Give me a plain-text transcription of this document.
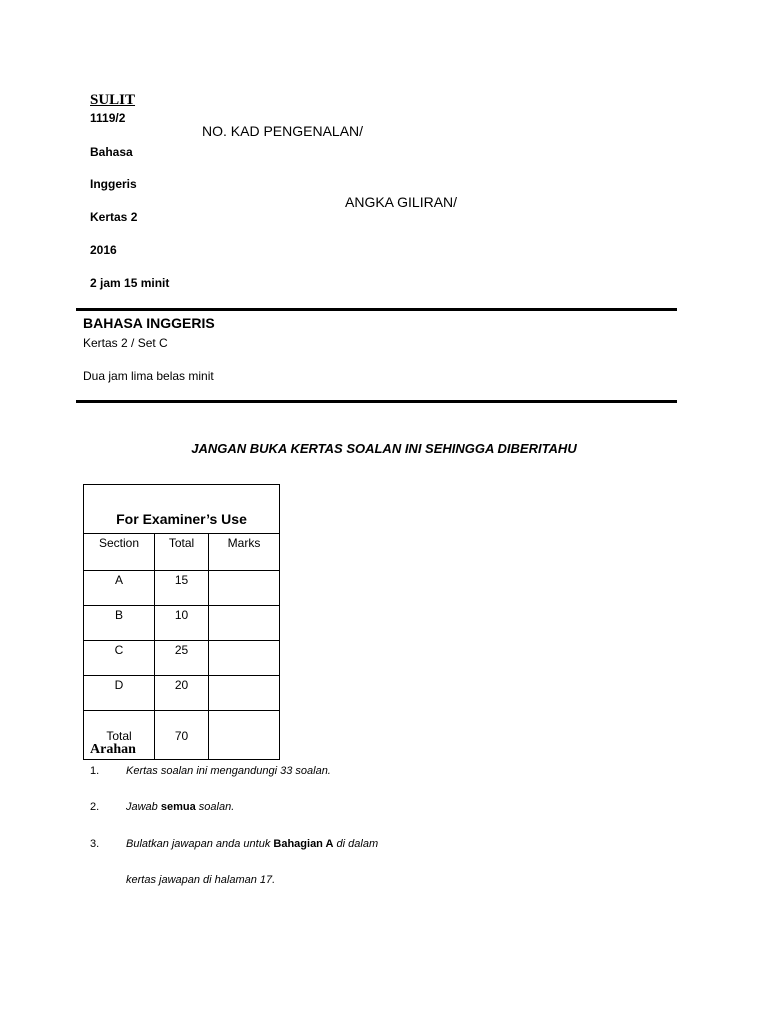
SULIT
1119/2
Bahasa
Inggeris
Kertas 2
2016
2 jam 15 minit
NO. KAD PENGENALAN/
ANGKA GILIRAN/
BAHASA INGGERIS
Kertas 2 / Set C
Dua jam lima belas minit
JANGAN BUKA KERTAS SOALAN INI SEHINGGA DIBERITAHU
For Examiner’s Use		
Section	Total	Marks
A	15	
B	10	
C	25	
D	20	
Total	70	
Arahan
1. Kertas soalan ini mengandungi 33 soalan.
2. Jawab semua soalan.
3. Bulatkan jawapan anda untuk Bahagian A di dalam
kertas jawapan di halaman 17.
